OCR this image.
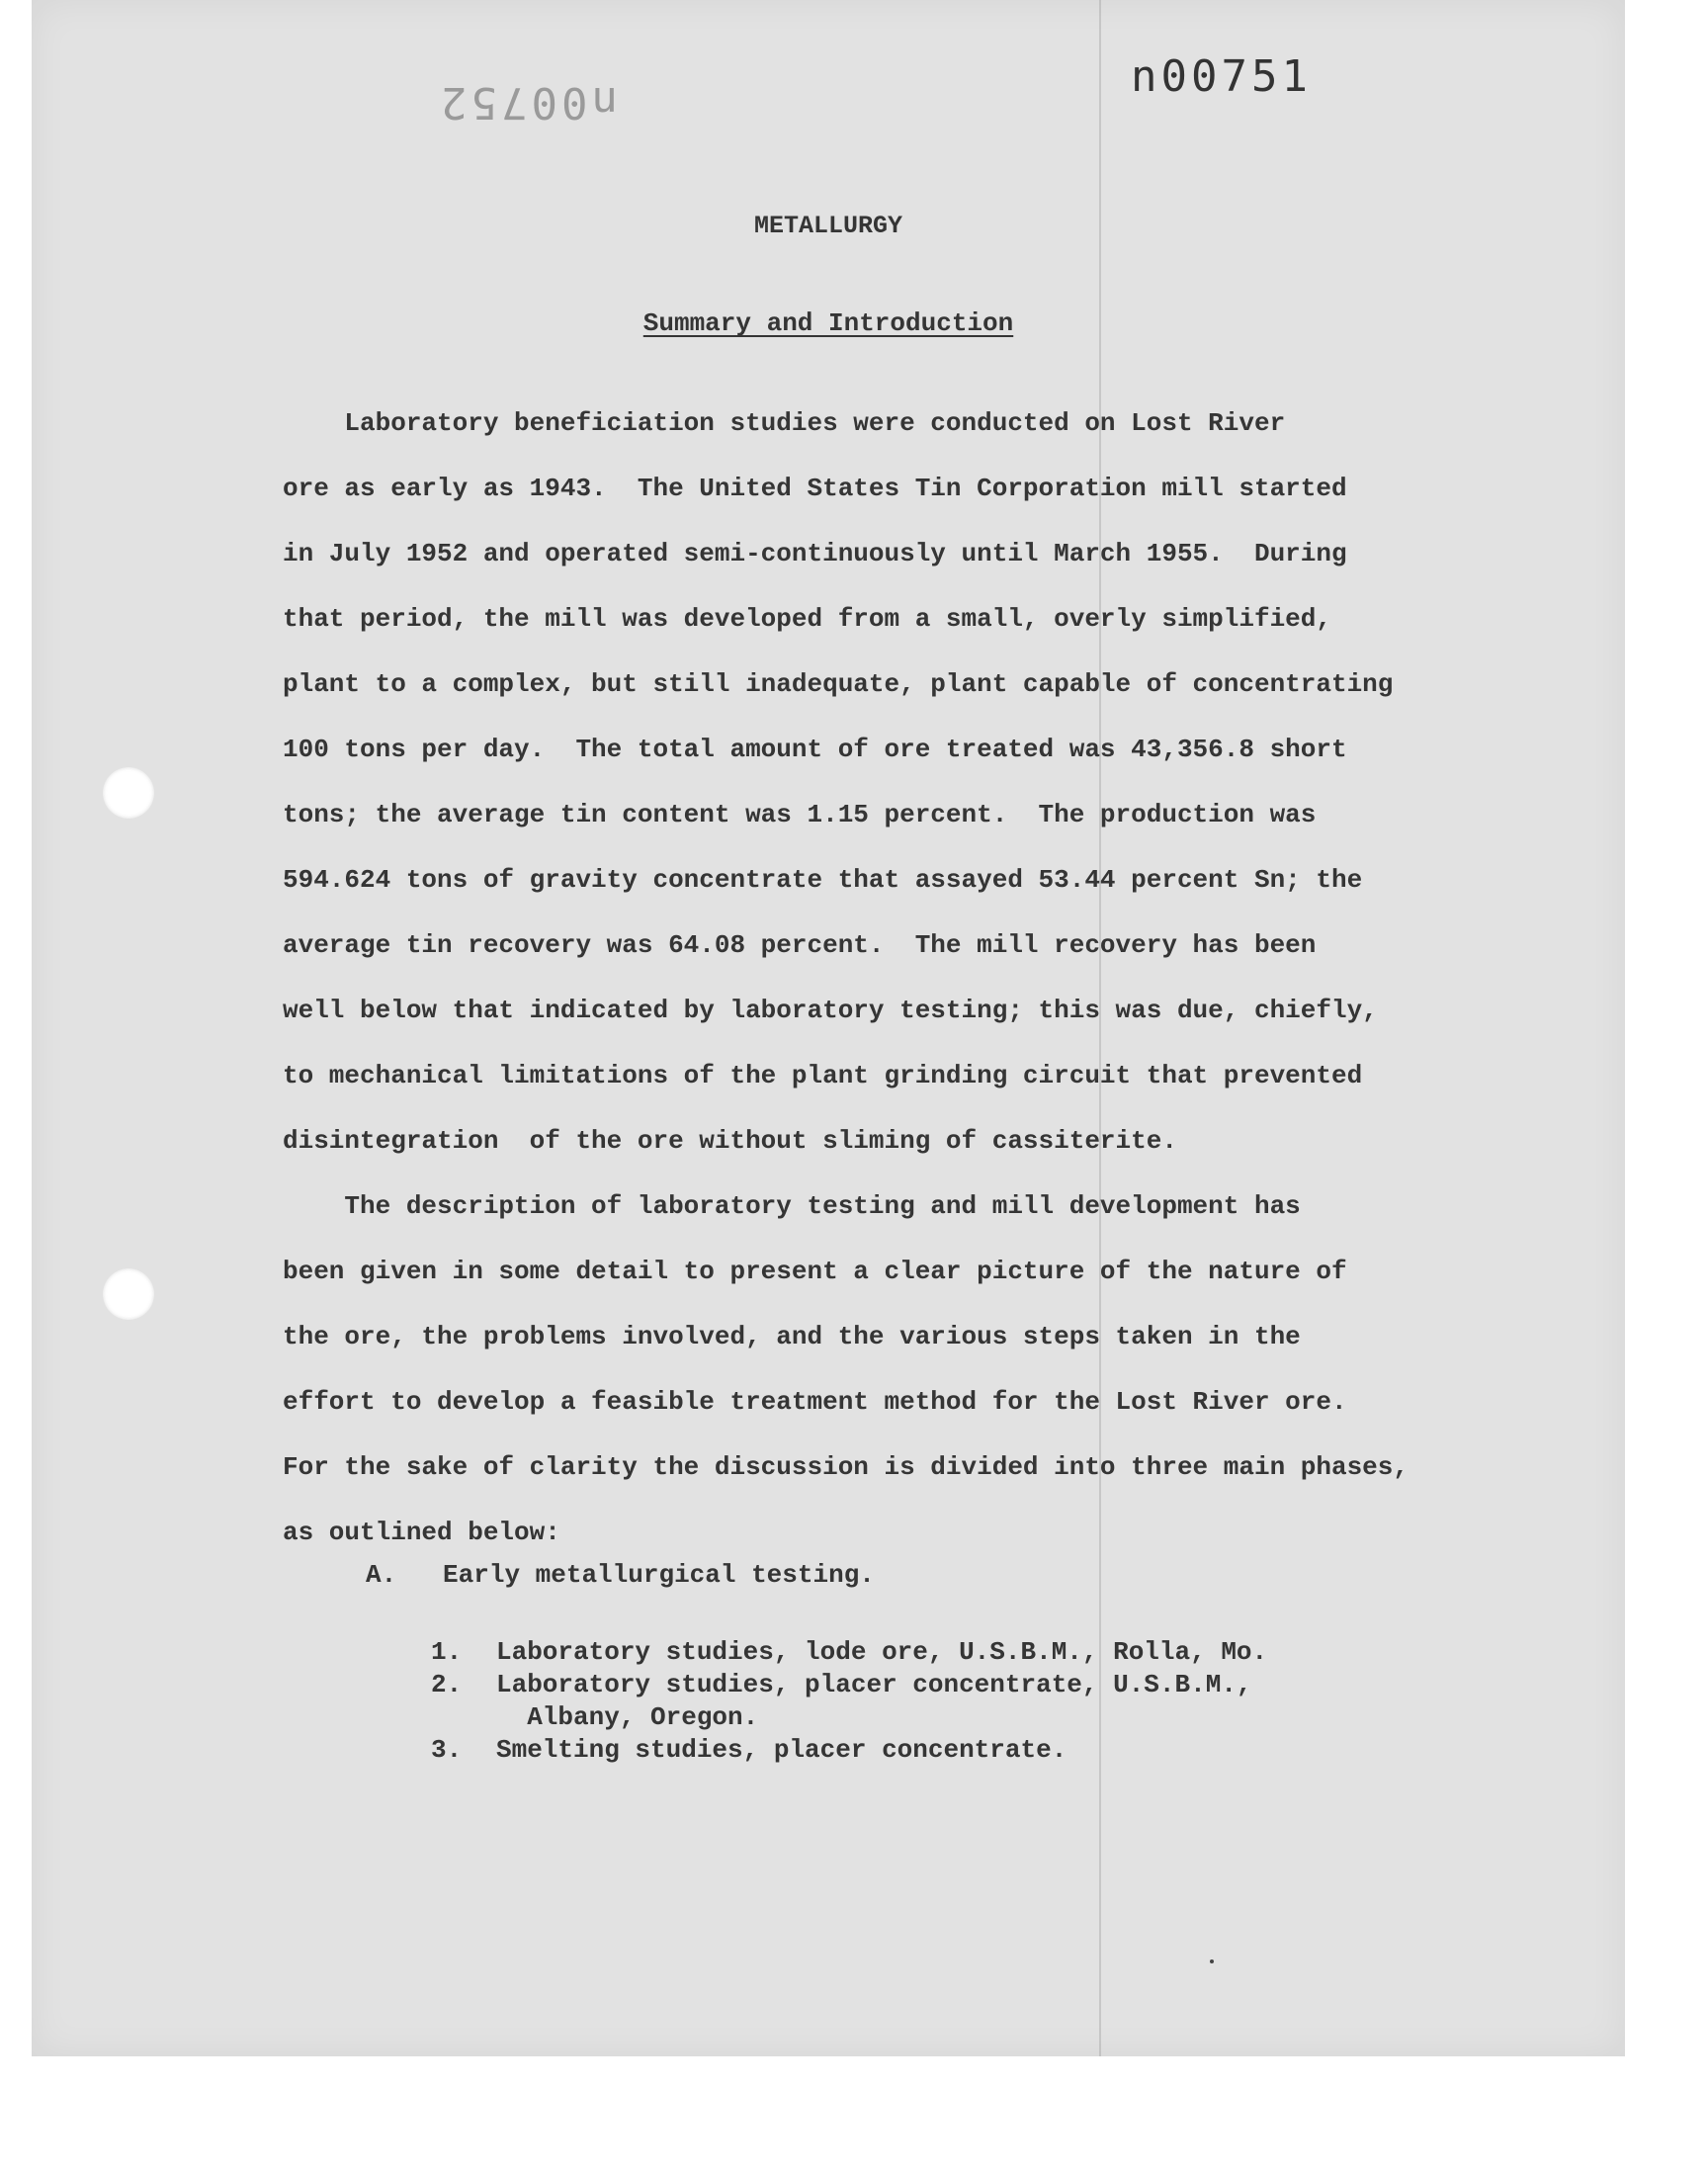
n00751
n00752
METALLURGY
Summary and Introduction
Laboratory beneficiation studies were conducted on Lost River
ore as early as 1943.  The United States Tin Corporation mill started
in July 1952 and operated semi-continuously until March 1955.  During
that period, the mill was developed from a small, overly simplified,
plant to a complex, but still inadequate, plant capable of concentrating
100 tons per day.  The total amount of ore treated was 43,356.8 short
tons; the average tin content was 1.15 percent.  The production was
594.624 tons of gravity concentrate that assayed 53.44 percent Sn; the
average tin recovery was 64.08 percent.  The mill recovery has been
well below that indicated by laboratory testing; this was due, chiefly,
to mechanical limitations of the plant grinding circuit that prevented
disintegration  of the ore without sliming of cassiterite.
The description of laboratory testing and mill development has
been given in some detail to present a clear picture of the nature of
the ore, the problems involved, and the various steps taken in the
effort to develop a feasible treatment method for the Lost River ore.
For the sake of clarity the discussion is divided into three main phases,
as outlined below:
A. Early metallurgical testing.
1.	Laboratory studies, lode ore, U.S.B.M., Rolla, Mo.
2.	Laboratory studies, placer concentrate, U.S.B.M.,
Albany, Oregon.
3.	Smelting studies, placer concentrate.
